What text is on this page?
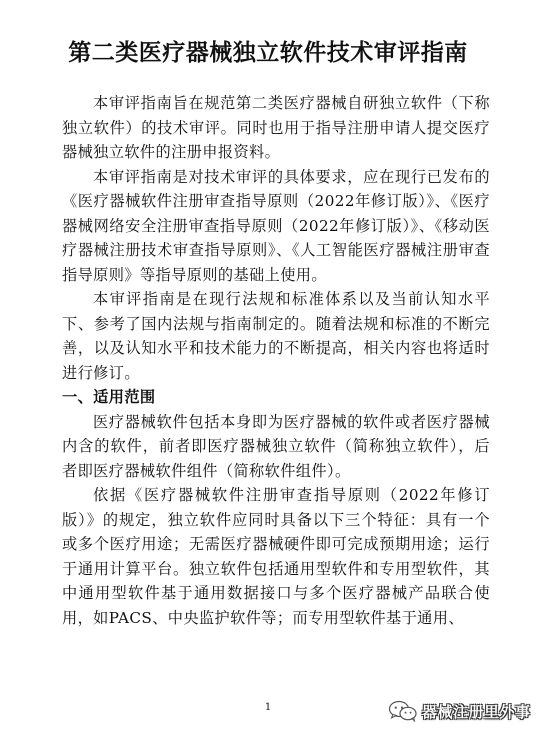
第二类医疗器械独立软件技术审评指南

本审评指南旨在规范第二类医疗器械自研独立软件（下称独立软件）的技术审评。同时也用于指导注册申请人提交医疗器械独立软件的注册申报资料。

本审评指南是对技术审评的具体要求，应在现行已发布的《医疗器械软件注册审查指导原则（2022年修订版）》、《医疗器械网络安全注册审查指导原则（2022年修订版）》、《移动医疗器械注册技术审查指导原则》、《人工智能医疗器械注册审查指导原则》等指导原则的基础上使用。

本审评指南是在现行法规和标准体系以及当前认知水平下、参考了国内法规与指南制定的。随着法规和标准的不断完善，以及认知水平和技术能力的不断提高，相关内容也将适时进行修订。

一、适用范围

医疗器械软件包括本身即为医疗器械的软件或者医疗器械内含的软件，前者即医疗器械独立软件（简称独立软件），后者即医疗器械软件组件（简称软件组件）。

依据《医疗器械软件注册审查指导原则（2022年修订版）》的规定，独立软件应同时具备以下三个特征：具有一个或多个医疗用途；无需医疗器械硬件即可完成预期用途；运行于通用计算平台。独立软件包括通用型软件和专用型软件，其中通用型软件基于通用数据接口与多个医疗器械产品联合使用，如PACS、中央监护软件等；而专用型软件基于通用、

1	器械注册里外事
